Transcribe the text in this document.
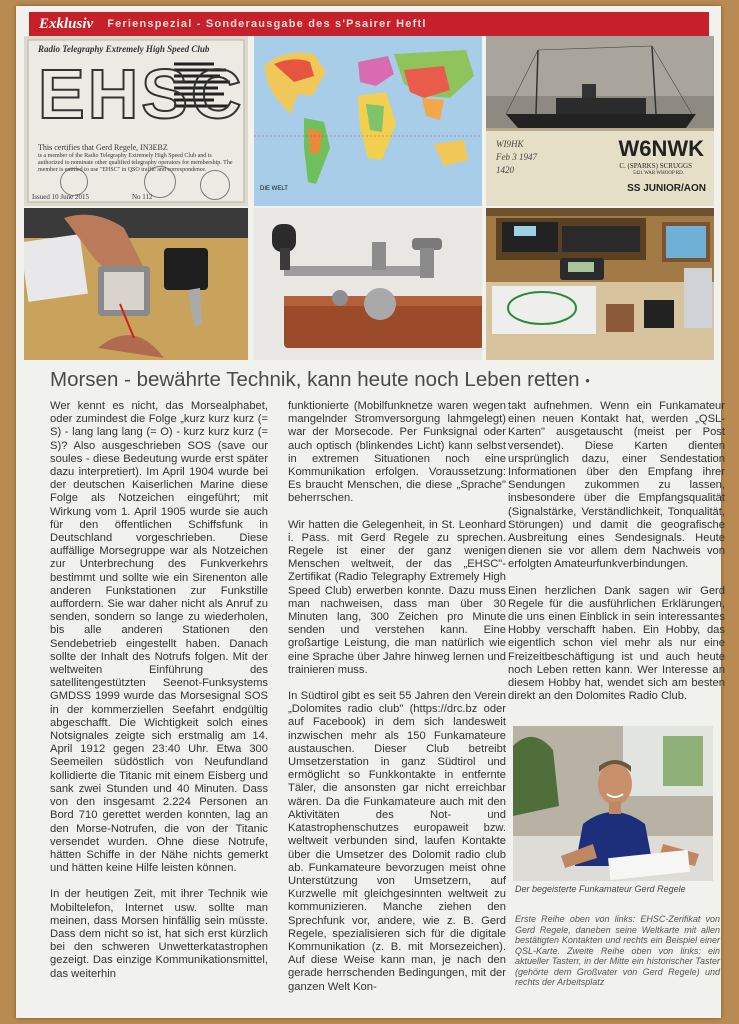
Exklusiv Ferienspezial - Sonderausgabe des s'Psairer Heftl
Radio Telegraphy Extremely High Speed Club
EHSC
This certifies that Gerd Regele, IN3EBZ
is a member of the Radio Telegraphy Extremely High Speed Club and is authorized to nominate other qualified telegraphy operators for membership. The member is entitled to use "EHSC" in QSO traffic and correspondence.
Issued 10 June 2015	No 112
DIE WELT
WI9HK
Feb 3 1947
1420
W6NWK
C. (SPARKS) SCRUGGS
5421 WAR WHOOP RD.
SS JUNIOR/AON
Morsen - bewährte Technik, kann heute noch Leben retten •

Wer kennt es nicht, das Morsealphabet, oder zumindest die Folge „kurz kurz kurz (= S) - lang lang lang (= O) - kurz kurz kurz (= S)? Also ausgeschrieben SOS (save our soules - diese Bedeutung wurde erst später dazu interpretiert). Im April 1904 wurde bei der deutschen Kaiserlichen Marine diese Folge als Notzeichen eingeführt; mit Wirkung vom 1. April 1905 wurde sie auch für den öffentlichen Schiffsfunk in Deutschland vorgeschrieben. Diese auffällige Morsegruppe war als Notzeichen zur Unterbrechung des Funkverkehrs bestimmt und sollte wie ein Sirenenton alle anderen Funkstationen zur Funkstille auffordern. Sie war daher nicht als Anruf zu senden, sondern so lange zu wiederholen, bis alle anderen Stationen den Sendebetrieb eingestellt haben. Danach sollte der Inhalt des Notrufs folgen. Mit der weltweiten Einführung des satellitengestützten Seenot-Funksystems GMDSS 1999 wurde das Morsesignal SOS in der kommerziellen Seefahrt endgültig abgeschafft. Die Wichtigkeit solch eines Notsignales zeigte sich erstmalig am 14. April 1912 gegen 23:40 Uhr. Etwa 300 Seemeilen südöstlich von Neufundland kollidierte die Titanic mit einem Eisberg und sank zwei Stunden und 40 Minuten. Dass von den insgesamt 2.224 Personen an Bord 710 gerettet werden konnten, lag an den Morse-Notrufen, die von der Titanic versendet wurden. Ohne diese Notrufe, hätten Schiffe in der Nähe nichts gemerkt und hätten keine Hilfe leisten können.

In der heutigen Zeit, mit ihrer Technik wie Mobiltelefon, Internet usw. sollte man meinen, dass Morsen hinfällig sein müsste. Dass dem nicht so ist, hat sich erst kürzlich bei den schweren Unwetterkatastrophen gezeigt. Das einzige Kommunikationsmittel, das weiterhin

funktionierte (Mobilfunknetze waren wegen mangelnder Stromversorgung lahmgelegt) war der Morsecode. Per Funksignal oder auch optisch (blinkendes Licht) kann selbst in extremen Situationen noch eine Kommunikation erfolgen. Voraussetzung: Es braucht Menschen, die diese „Sprache" beherrschen.

Wir hatten die Gelegenheit, in St. Leonhard i. Pass. mit Gerd Regele zu sprechen. Regele ist einer der ganz wenigen Menschen weltweit, der das „EHSC"-Zertifikat (Radio Telegraphy Extremely High Speed Club) erwerben konnte. Dazu muss man nachweisen, dass man über 30 Minuten lang, 300 Zeichen pro Minute senden und verstehen kann. Eine großartige Leistung, die man natürlich wie eine Sprache über Jahre hinweg lernen und trainieren muss.

In Südtirol gibt es seit 55 Jahren den Verein „Dolomites radio club" (https://drc.bz oder auf Facebook) in dem sich landesweit inzwischen mehr als 150 Funkamateure austauschen. Dieser Club betreibt Umsetzerstation in ganz Südtirol und ermöglicht so Funkkontakte in entfernte Täler, die ansonsten gar nicht erreichbar wären. Da die Funkamateure auch mit den Aktivitäten des Not- und Katastrophenschutzes europaweit bzw. weltweit verbunden sind, laufen Kontakte über die Umsetzer des Dolomit radio club ab. Funkamateure bevorzugen meist ohne Unterstützung von Umsetzern, auf Kurzwelle mit gleichgesinnten weltweit zu kommunizieren. Manche ziehen den Sprechfunk vor, andere, wie z. B. Gerd Regele, spezialisieren sich für die digitale Kommunikation (z. B. mit Morsezeichen). Auf diese Weise kann man, je nach den gerade herrschenden Bedingungen, mit der ganzen Welt Kon-

takt aufnehmen. Wenn ein Funkamateur einen neuen Kontakt hat, werden „QSL-Karten" ausgetauscht (meist per Post versendet). Diese Karten dienten ursprünglich dazu, einer Sendestation Informationen über den Empfang ihrer Sendungen zukommen zu lassen, insbesondere über die Empfangsqualität (Signalstärke, Verständlichkeit, Tonqualität, Störungen) und damit die geografische Ausbreitung eines Sendesignals. Heute dienen sie vor allem dem Nachweis von erfolgten Amateurfunkverbindungen.

Einen herzlichen Dank sagen wir Gerd Regele für die ausführlichen Erklärungen, die uns einen Einblick in sein interessantes Hobby verschafft haben. Ein Hobby, das eigentlich schon viel mehr als nur eine Freizeitbeschäftigung ist und auch heute noch Leben retten kann. Wer Interesse an diesem Hobby hat, wendet sich am besten direkt an den Dolomites Radio Club.

Der begeisterte Funkamateur Gerd Regele
Erste Reihe oben von links: EHSC-Zerifikat von Gerd Regele, daneben seine Weltkarte mit allen bestätigten Kontakten und rechts ein Beispiel einer QSL-Karte. Zweite Reihe oben von links: ein aktueller Tasterr, in der Mitte ein historischer Taster (gehörte dem Großvater von Gerd Regele) und rechts der Arbeitsplatz
